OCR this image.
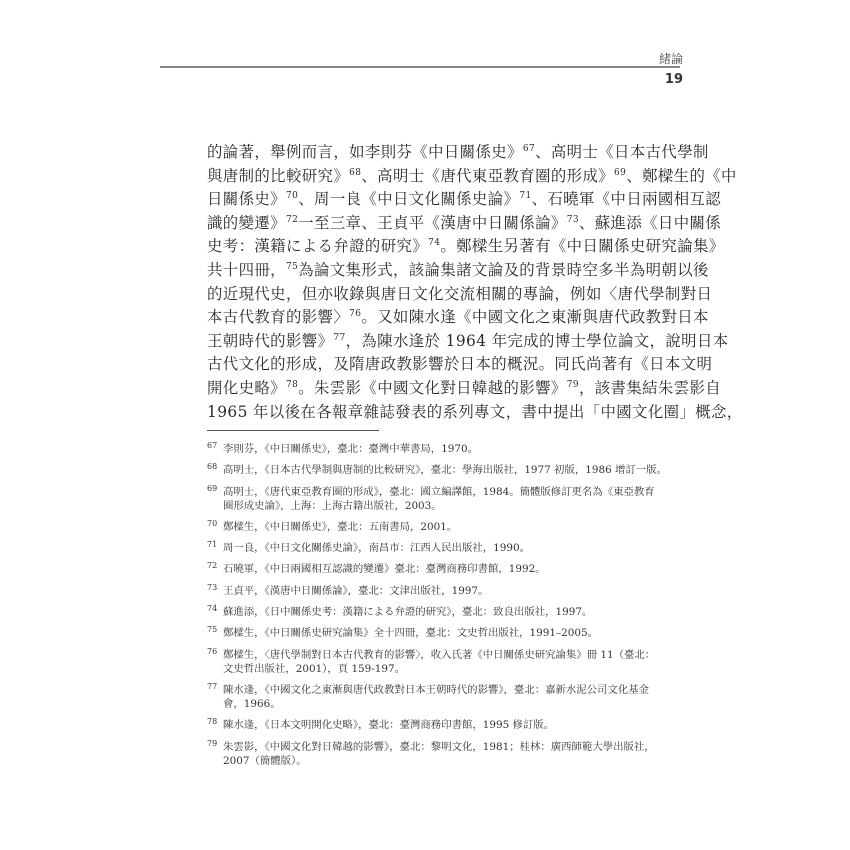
緒論
19
的論著，舉例而言，如李則芬《中日關係史》$^{67}$、高明士《日本古代學制
與唐制的比較研究》$^{68}$、高明士《唐代東亞教育圈的形成》$^{69}$、鄭樑生的《中
日關係史》$^{70}$、周一良《中日文化關係史論》$^{71}$、石曉軍《中日兩國相互認
識的變遷》$^{72}$一至三章、王貞平《漢唐中日關係論》$^{73}$、蘇進添《日中關係
史考：漢籍による弁證的研究》$^{74}$。鄭樑生另著有《中日關係史研究論集》
共十四冊，$^{75}$為論文集形式，該論集諸文論及的背景時空多半為明朝以後
的近現代史，但亦收錄與唐日文化交流相關的專論，例如〈唐代學制對日
本古代教育的影響〉$^{76}$。又如陳水逢《中國文化之東漸與唐代政教對日本
王朝時代的影響》$^{77}$，為陳水逢於 1964 年完成的博士學位論文，說明日本
古代文化的形成，及隋唐政教影響於日本的概況。同氏尚著有《日本文明
開化史略》$^{78}$。朱雲影《中國文化對日韓越的影響》$^{79}$，該書集結朱雲影自
1965 年以後在各報章雜誌發表的系列專文，書中提出「中國文化圈」概念，
$^{67}$ 李則芬，《中日關係史》，臺北：臺灣中華書局，1970。
$^{68}$ 高明士，《日本古代學制與唐制的比較研究》，臺北：學海出版社，1977 初版，1986 增訂一版。
$^{69}$ 高明士，《唐代東亞教育圈的形成》，臺北：國立編譯館，1984。簡體版修訂更名為《東亞教育
圈形成史論》，上海：上海古籍出版社，2003。
$^{70}$ 鄭樑生，《中日關係史》，臺北：五南書局，2001。
$^{71}$ 周一良，《中日文化關係史論》，南昌市：江西人民出版社，1990。
$^{72}$ 石曉軍，《中日兩國相互認識的變遷》臺北：臺灣商務印書館，1992。
$^{73}$ 王貞平，《漢唐中日關係論》，臺北：文津出版社，1997。
$^{74}$ 蘇進添，《日中關係史考：漢籍による弁證的研究》，臺北：致良出版社，1997。
$^{75}$ 鄭樑生，《中日關係史研究論集》全十四冊，臺北：文史哲出版社，1991–2005。
$^{76}$ 鄭樑生，〈唐代學制對日本古代教育的影響〉，收入氏著《中日關係史研究論集》冊 11（臺北：
文史哲出版社，2001），頁 159-197。
$^{77}$ 陳水逢，《中國文化之東漸與唐代政教對日本王朝時代的影響》，臺北：嘉新水泥公司文化基金
會，1966。
$^{78}$ 陳水逢，《日本文明開化史略》，臺北：臺灣商務印書館，1995 修訂版。
$^{79}$ 朱雲影，《中國文化對日韓越的影響》，臺北：黎明文化，1981；桂林：廣西師範大學出版社，
2007（簡體版）。
